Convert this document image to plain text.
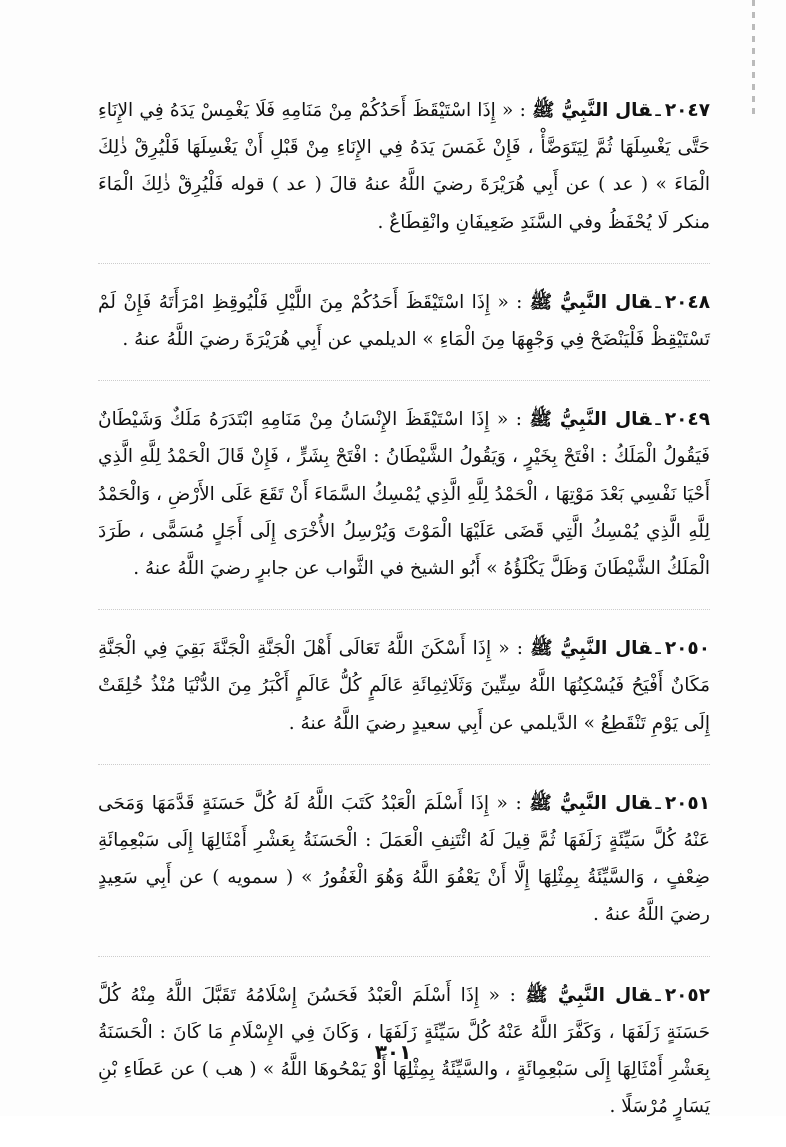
٢٠٤٧ـقال النَّبِيُّ ﷺ : « إِذَا اسْتَيْقَظَ أَحَدُكُمْ مِنْ مَنَامِهِ فَلَا يَغْمِسْ يَدَهُ فِي الإِنَاءِ حَتَّى يَغْسِلَهَا ثُمَّ لِيَتَوَضَّأْ ، فَإِنْ غَمَسَ يَدَهُ فِي الإِنَاءِ مِنْ قَبْلِ أَنْ يَغْسِلَهَا فَلْيُرِقْ ذٰلِكَ الْمَاءَ » ( عد ) عن أَبِي هُرَيْرَةَ رضيَ اللَّهُ عنهُ قالَ ( عد ) قوله فَلْيُرِقْ ذٰلِكَ الْمَاءَ منكر لَا يُحْفَظُ وفي السَّنَدِ ضَعِيفَانِ وانْقِطَاعٌ .

٢٠٤٨ـقال النَّبِيُّ ﷺ : « إِذَا اسْتَيْقَظَ أَحَدُكُمْ مِنَ اللَّيْلِ فَلْيُوقِظِ امْرَأَتَهُ فَإِنْ لَمْ تَسْتَيْقِظْ فَلْيَنْضَحْ فِي وَجْهِهَا مِنَ الْمَاءِ » الديلمي عن أَبِي هُرَيْرَةَ رضيَ اللَّهُ عنهُ .

٢٠٤٩ـقال النَّبِيُّ ﷺ : « إِذَا اسْتَيْقَظَ الإِنْسَانُ مِنْ مَنَامِهِ ابْتَدَرَهُ مَلَكٌ وَشَيْطَانٌ فَيَقُولُ الْمَلَكُ : افْتَحْ بِخَيْرٍ ، وَيَقُولُ الشَّيْطَانُ : افْتَحْ بِشَرٍّ ، فَإِنْ قَالَ الْحَمْدُ لِلَّهِ الَّذِي أَحْيَا نَفْسِي بَعْدَ مَوْتِهَا ، الْحَمْدُ لِلَّهِ الَّذِي يُمْسِكُ السَّمَاءَ أَنْ تَقَعَ عَلَى الأَرْضِ ، وَالْحَمْدُ لِلَّهِ الَّذِي يُمْسِكُ الَّتِي قَضَى عَلَيْهَا الْمَوْتَ وَيُرْسِلُ الأُخْرَى إِلَى أَجَلٍ مُسَمًّى ، طَرَدَ الْمَلَكُ الشَّيْطَانَ وَظَلَّ يَكْلَؤُهُ » أَبُو الشيخ في الثَّواب عن جابرٍ رضيَ اللَّهُ عنهُ .

٢٠٥٠ـقال النَّبِيُّ ﷺ : « إِذَا أَسْكَنَ اللَّهُ تَعَالَى أَهْلَ الْجَنَّةِ الْجَنَّةَ بَقِيَ فِي الْجَنَّةِ مَكَانٌ أَفْيَحُ فَيُسْكِنُهَا اللَّهُ سِتِّينَ وَثَلَاثِمِائَةِ عَالَمٍ كُلُّ عَالَمٍ أَكْبَرُ مِنَ الدُّنْيَا مُنْذُ خُلِقَتْ إِلَى يَوْمِ تَنْقَطِعُ » الدَّيلمي عن أَبِي سعيدٍ رضيَ اللَّهُ عنهُ .

٢٠٥١ـقال النَّبِيُّ ﷺ : « إِذَا أَسْلَمَ الْعَبْدُ كَتَبَ اللَّهُ لَهُ كُلَّ حَسَنَةٍ قَدَّمَهَا وَمَحَى عَنْهُ كُلَّ سَيِّئَةٍ زَلَفَهَا ثُمَّ قِيلَ لَهُ ائْتَنِفِ الْعَمَلَ : الْحَسَنَةُ بِعَشْرِ أَمْثَالِهَا إِلَى سَبْعِمِائَةِ ضِعْفٍ ، وَالسَّيِّئَةُ بِمِثْلِهَا إِلَّا أَنْ يَعْفُوَ اللَّهُ وَهُوَ الْغَفُورُ » ( سمويه ) عن أَبِي سَعِيدٍ رضيَ اللَّهُ عنهُ .

٢٠٥٢ـقال النَّبِيُّ ﷺ : « إِذَا أَسْلَمَ الْعَبْدُ فَحَسُنَ إِسْلَامُهُ تَقَبَّلَ اللَّهُ مِنْهُ كُلَّ حَسَنَةٍ زَلَفَهَا ، وَكَفَّرَ اللَّهُ عَنْهُ كُلَّ سَيِّئَةٍ زَلَفَهَا ، وَكَانَ فِي الإِسْلَامِ مَا كَانَ : الْحَسَنَةُ بِعَشْرِ أَمْثَالِهَا إِلَى سَبْعِمِائَةٍ ، والسَّيِّئَةُ بِمِثْلِهَا أَوْ يَمْحُوهَا اللَّهُ » ( هب ) عن عَطَاءِ بْنِ يَسَارٍ مُرْسَلًا .

٣٠١
